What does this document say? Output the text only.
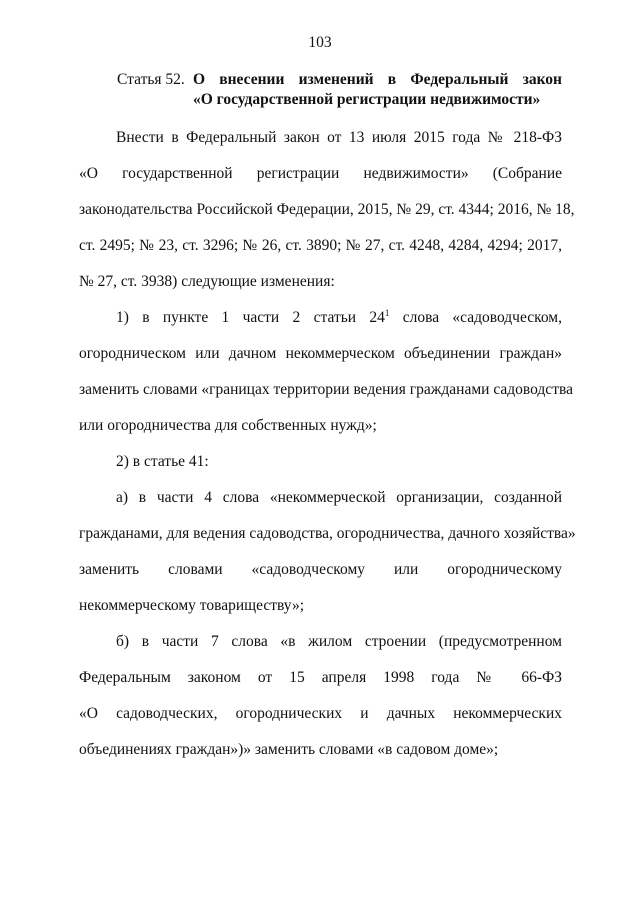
103
Статья 52. О внесении изменений в Федеральный закон
«О государственной регистрации недвижимости»
Внести в Федеральный закон от 13 июля 2015 года № 218-ФЗ
«О государственной регистрации недвижимости» (Собрание
законодательства Российской Федерации, 2015, № 29, ст. 4344; 2016, № 18,
ст. 2495; № 23, ст. 3296; № 26, ст. 3890; № 27, ст. 4248, 4284, 4294; 2017,
№ 27, ст. 3938) следующие изменения:
1) в пункте 1 части 2 статьи $24^1$ слова «садоводческом,
огородническом или дачном некоммерческом объединении граждан»
заменить словами «границах территории ведения гражданами садоводства
или огородничества для собственных нужд»;
2) в статье 41:
а) в части 4 слова «некоммерческой организации, созданной
гражданами, для ведения садоводства, огородничества, дачного хозяйства»
заменить словами «садоводческому или огородническому
некоммерческому товариществу»;
б) в части 7 слова «в жилом строении (предусмотренном
Федеральным законом от 15 апреля 1998 года № 66-ФЗ
«О садоводческих, огороднических и дачных некоммерческих
объединениях граждан»)» заменить словами «в садовом доме»;
